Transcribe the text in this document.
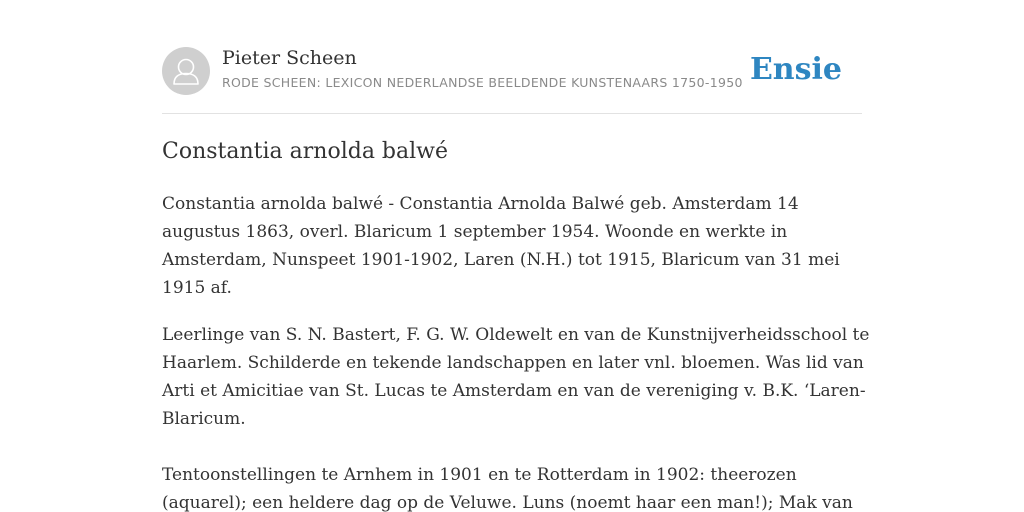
Pieter Scheen
RODE SCHEEN: LEXICON NEDERLANDSE BEELDENDE KUNSTENAARS 1750-1950 Ensie
Constantia arnolda balwé

Constantia arnolda balwé - Constantia Arnolda Balwé geb. Amsterdam 14
augustus 1863, overl. Blaricum 1 september 1954. Woonde en werkte in
Amsterdam, Nunspeet 1901-1902, Laren (N.H.) tot 1915, Blaricum van 31 mei
1915 af.

Leerlinge van S. N. Bastert, F. G. W. Oldewelt en van de Kunstnijverheidsschool te
Haarlem. Schilderde en tekende landschappen en later vnl. bloemen. Was lid van
Arti et Amicitiae van St. Lucas te Amsterdam en van de vereniging v. B.K. ‘Laren-
Blaricum.

Tentoonstellingen te Arnhem in 1901 en te Rotterdam in 1902: theerozen
(aquarel); een heldere dag op de Veluwe. Luns (noemt haar een man!); Mak van
